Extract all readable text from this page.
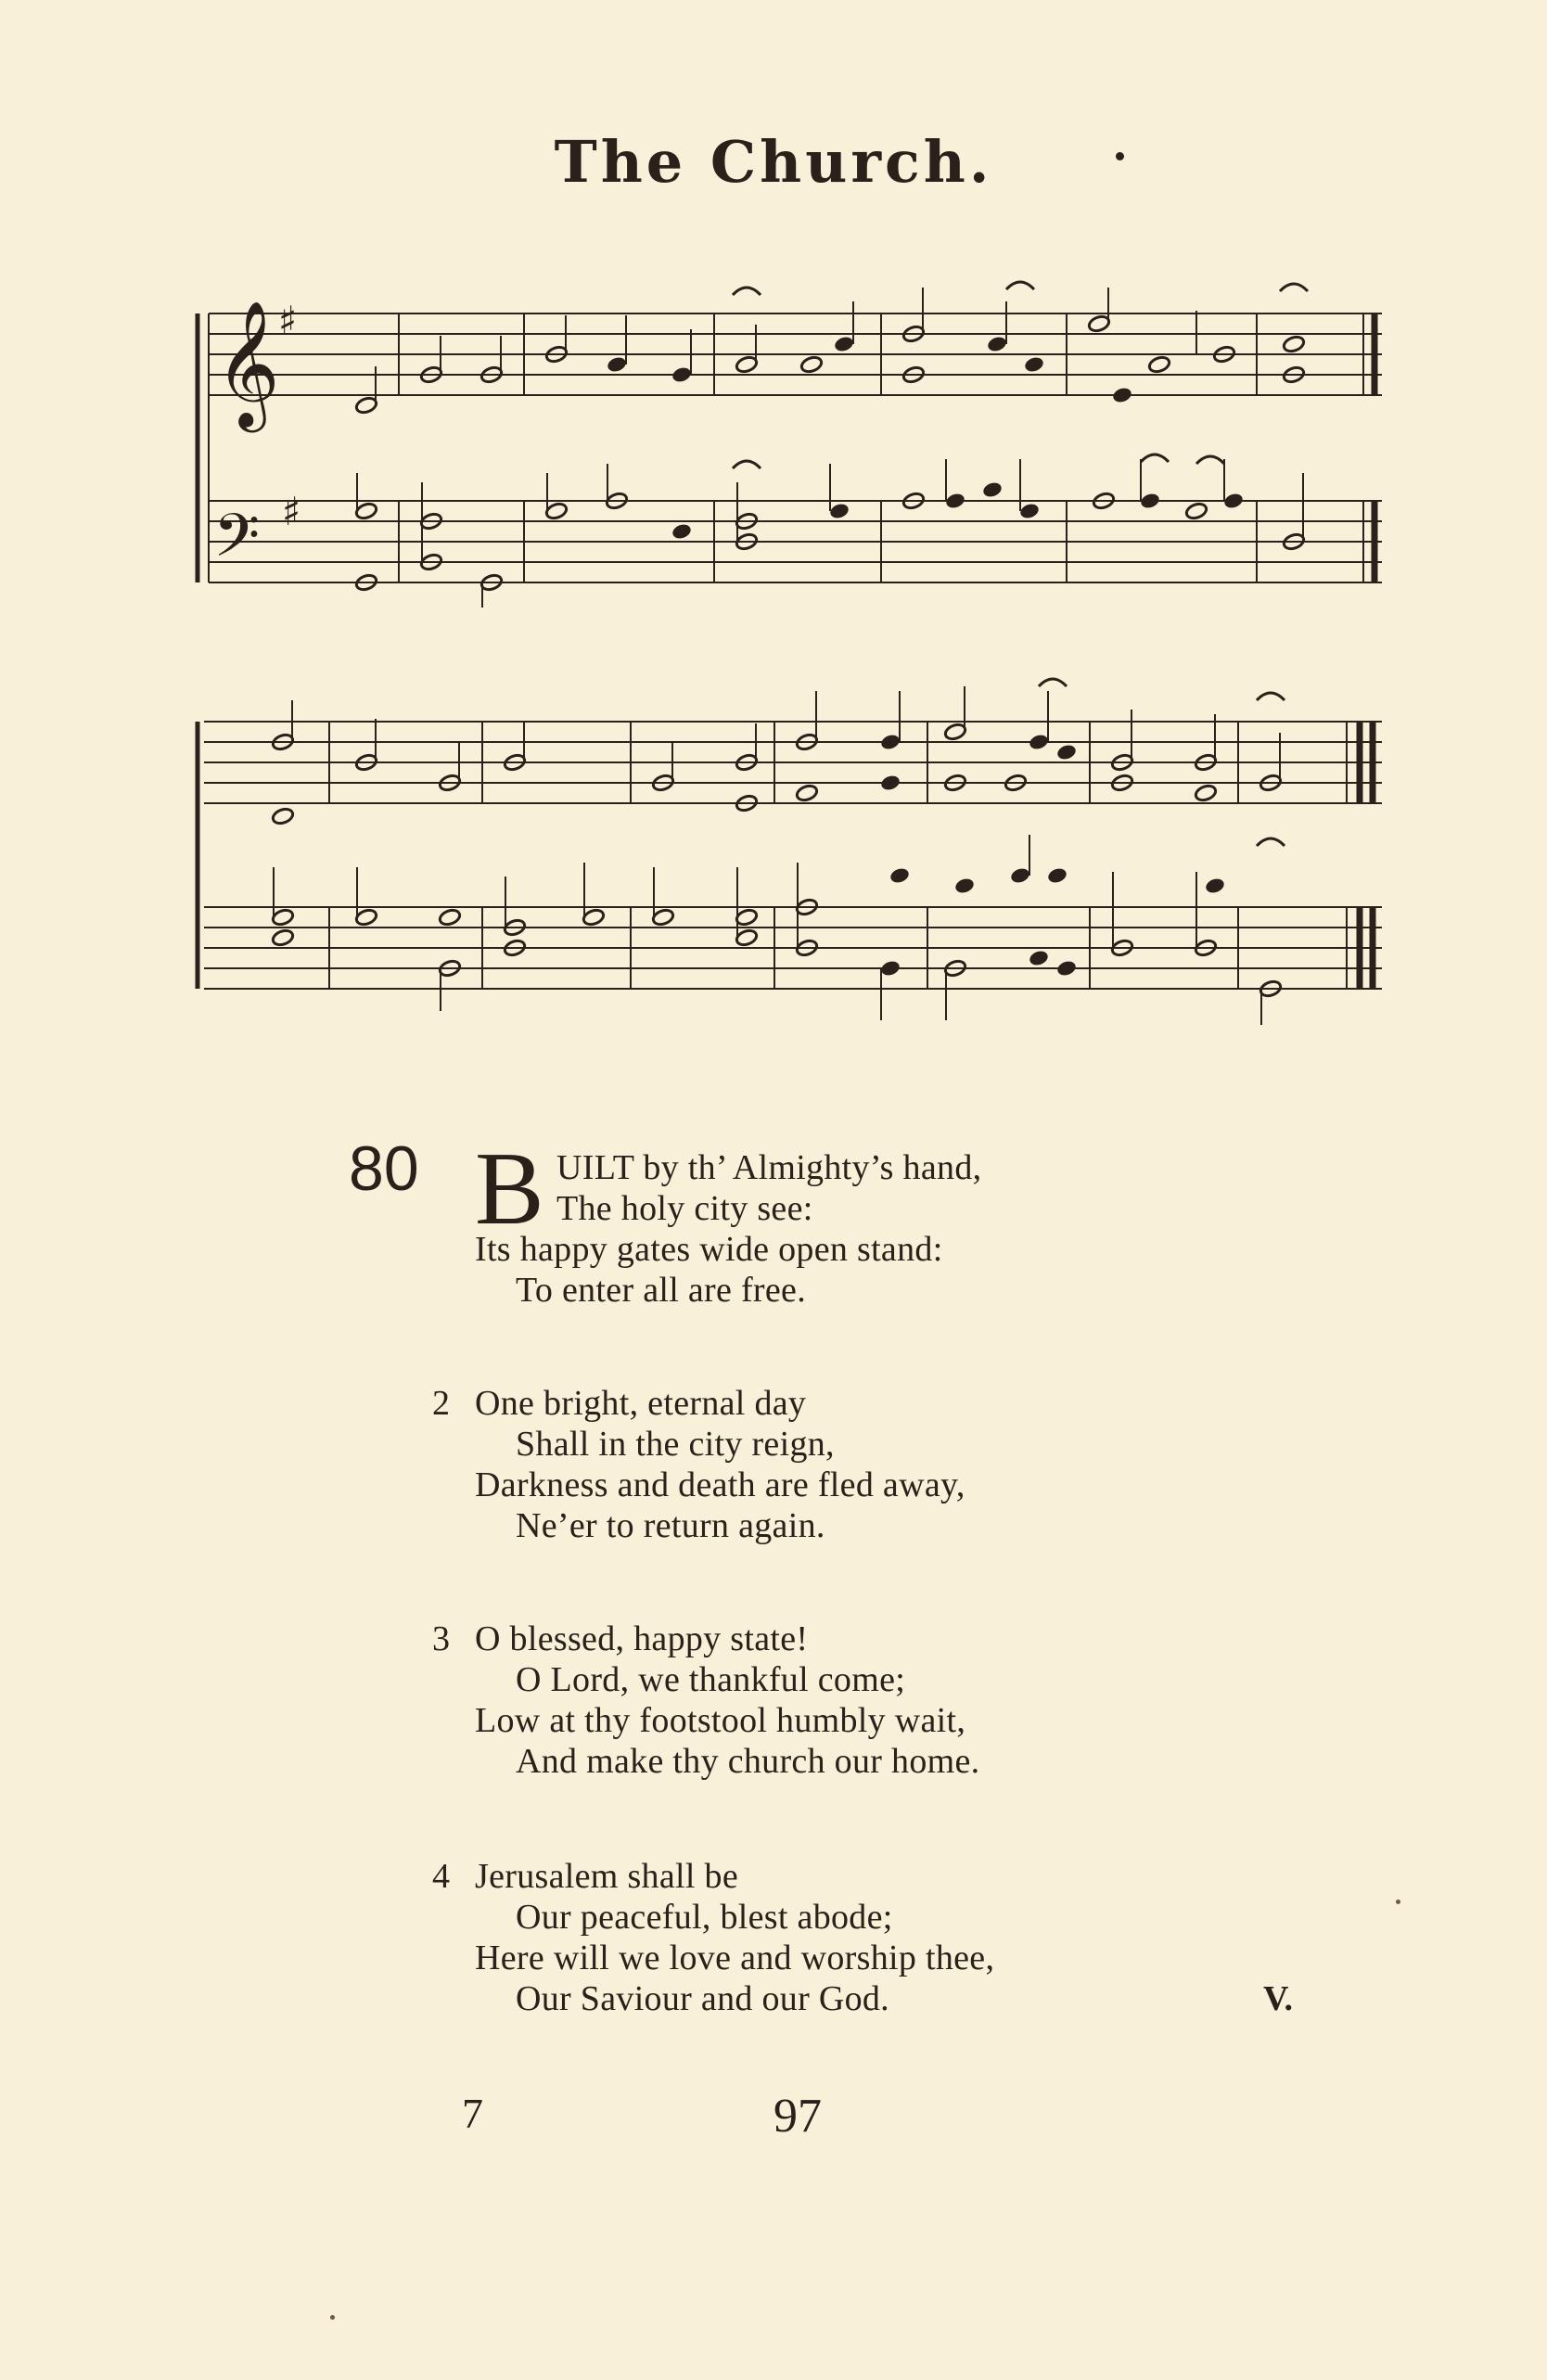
The Church.
𝄞
𝄢
♯
♯
80 B UILT by th’ Almighty’s hand,
The holy city see:
Its happy gates wide open stand:
To enter all are free.
2 One bright, eternal day
Shall in the city reign,
Darkness and death are fled away,
Ne’er to return again.
3 O blessed, happy state!
O Lord, we thankful come;
Low at thy footstool humbly wait,
And make thy church our home.
4 Jerusalem shall be
Our peaceful, blest abode;
Here will we love and worship thee,
Our Saviour and our God.	V.
7	97
